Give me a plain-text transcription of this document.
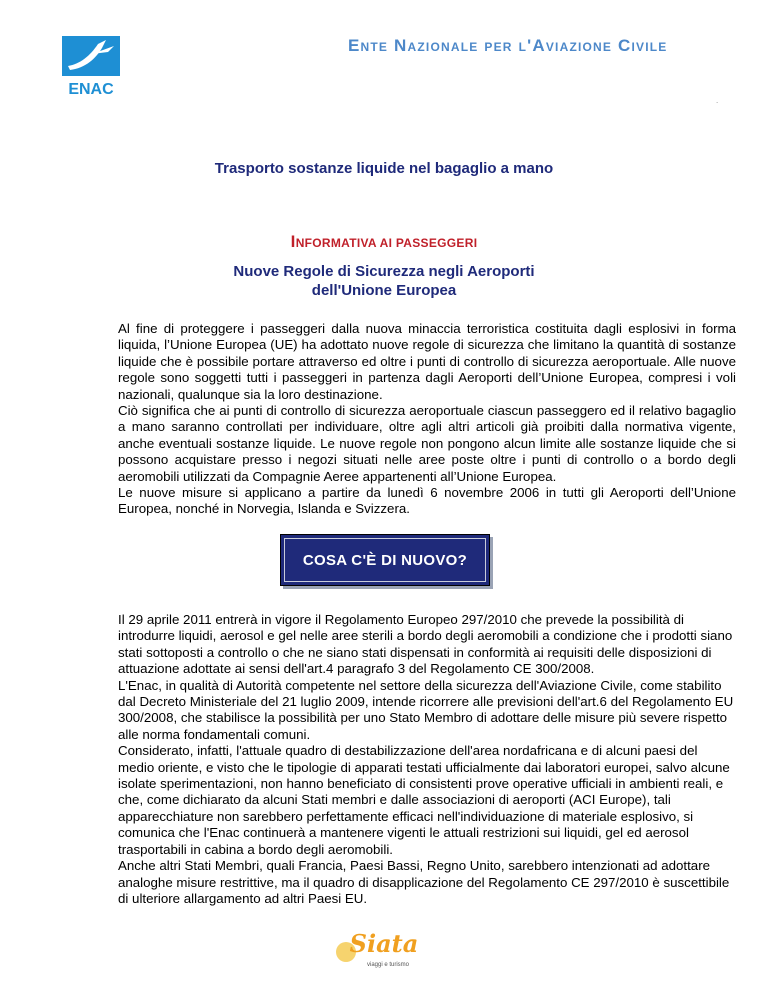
ENAC
Ente Nazionale per l'Aviazione Civile
.
Trasporto sostanze liquide nel bagaglio a mano
INFORMATIVA AI PASSEGGERI
Nuove Regole di Sicurezza negli Aeroporti
dell'Unione Europea

Al fine di proteggere i passeggeri dalla nuova minaccia terroristica costituita dagli esplosivi in forma liquida, l’Unione Europea (UE) ha adottato nuove regole di sicurezza che limitano la quantità di sostanze liquide che è possibile portare attraverso ed oltre i punti di controllo di sicurezza aeroportuale. Alle nuove regole sono soggetti tutti i passeggeri in partenza dagli Aeroporti dell’Unione Europea, compresi i voli nazionali, qualunque sia la loro destinazione.

Ciò significa che ai punti di controllo di sicurezza aeroportuale ciascun passeggero ed il relativo bagaglio a mano saranno controllati per individuare, oltre agli altri articoli già proibiti dalla normativa vigente, anche eventuali sostanze liquide. Le nuove regole non pongono alcun limite alle sostanze liquide che si possono acquistare presso i negozi situati nelle aree poste oltre i punti di controllo o a bordo degli aeromobili utilizzati da Compagnie Aeree appartenenti all’Unione Europea.

Le nuove misure si applicano a partire da lunedì 6 novembre 2006 in tutti gli Aeroporti dell’Unione Europea, nonché in Norvegia, Islanda e Svizzera.

COSA C'È DI NUOVO?

Il 29 aprile 2011 entrerà in vigore il Regolamento Europeo 297/2010 che prevede la possibilità di introdurre liquidi, aerosol e gel nelle aree sterili a bordo degli aeromobili a condizione che i prodotti siano stati sottoposti a controllo o che ne siano stati dispensati in conformità ai requisiti delle disposizioni di attuazione adottate ai sensi dell'art.4 paragrafo 3 del Regolamento CE 300/2008.

L'Enac, in qualità di Autorità competente nel settore della sicurezza dell'Aviazione Civile, come stabilito dal Decreto Ministeriale del 21 luglio 2009, intende ricorrere alle previsioni dell'art.6 del Regolamento EU 300/2008, che stabilisce la possibilità per uno Stato Membro di adottare delle misure più severe rispetto alle norma fondamentali comuni.

Considerato, infatti, l'attuale quadro di destabilizzazione dell'area nordafricana e di alcuni paesi del medio oriente, e visto che le tipologie di apparati testati ufficialmente dai laboratori europei, salvo alcune isolate sperimentazioni, non hanno beneficiato di consistenti prove operative ufficiali in ambienti reali, e che, come dichiarato da alcuni Stati membri e dalle associazioni di aeroporti (ACI Europe), tali apparecchiature non sarebbero perfettamente efficaci nell'individuazione di materiale esplosivo, si comunica che l'Enac continuerà a mantenere vigenti le attuali restrizioni sui liquidi, gel ed aerosol trasportabili in cabina a bordo degli aeromobili.

Anche altri Stati Membri, quali Francia, Paesi Bassi, Regno Unito, sarebbero intenzionati ad adottare analoghe misure restrittive, ma il quadro di disapplicazione del Regolamento CE 297/2010 è suscettibile di ulteriore allargamento ad altri Paesi EU.

Siata
viaggi e turismo
